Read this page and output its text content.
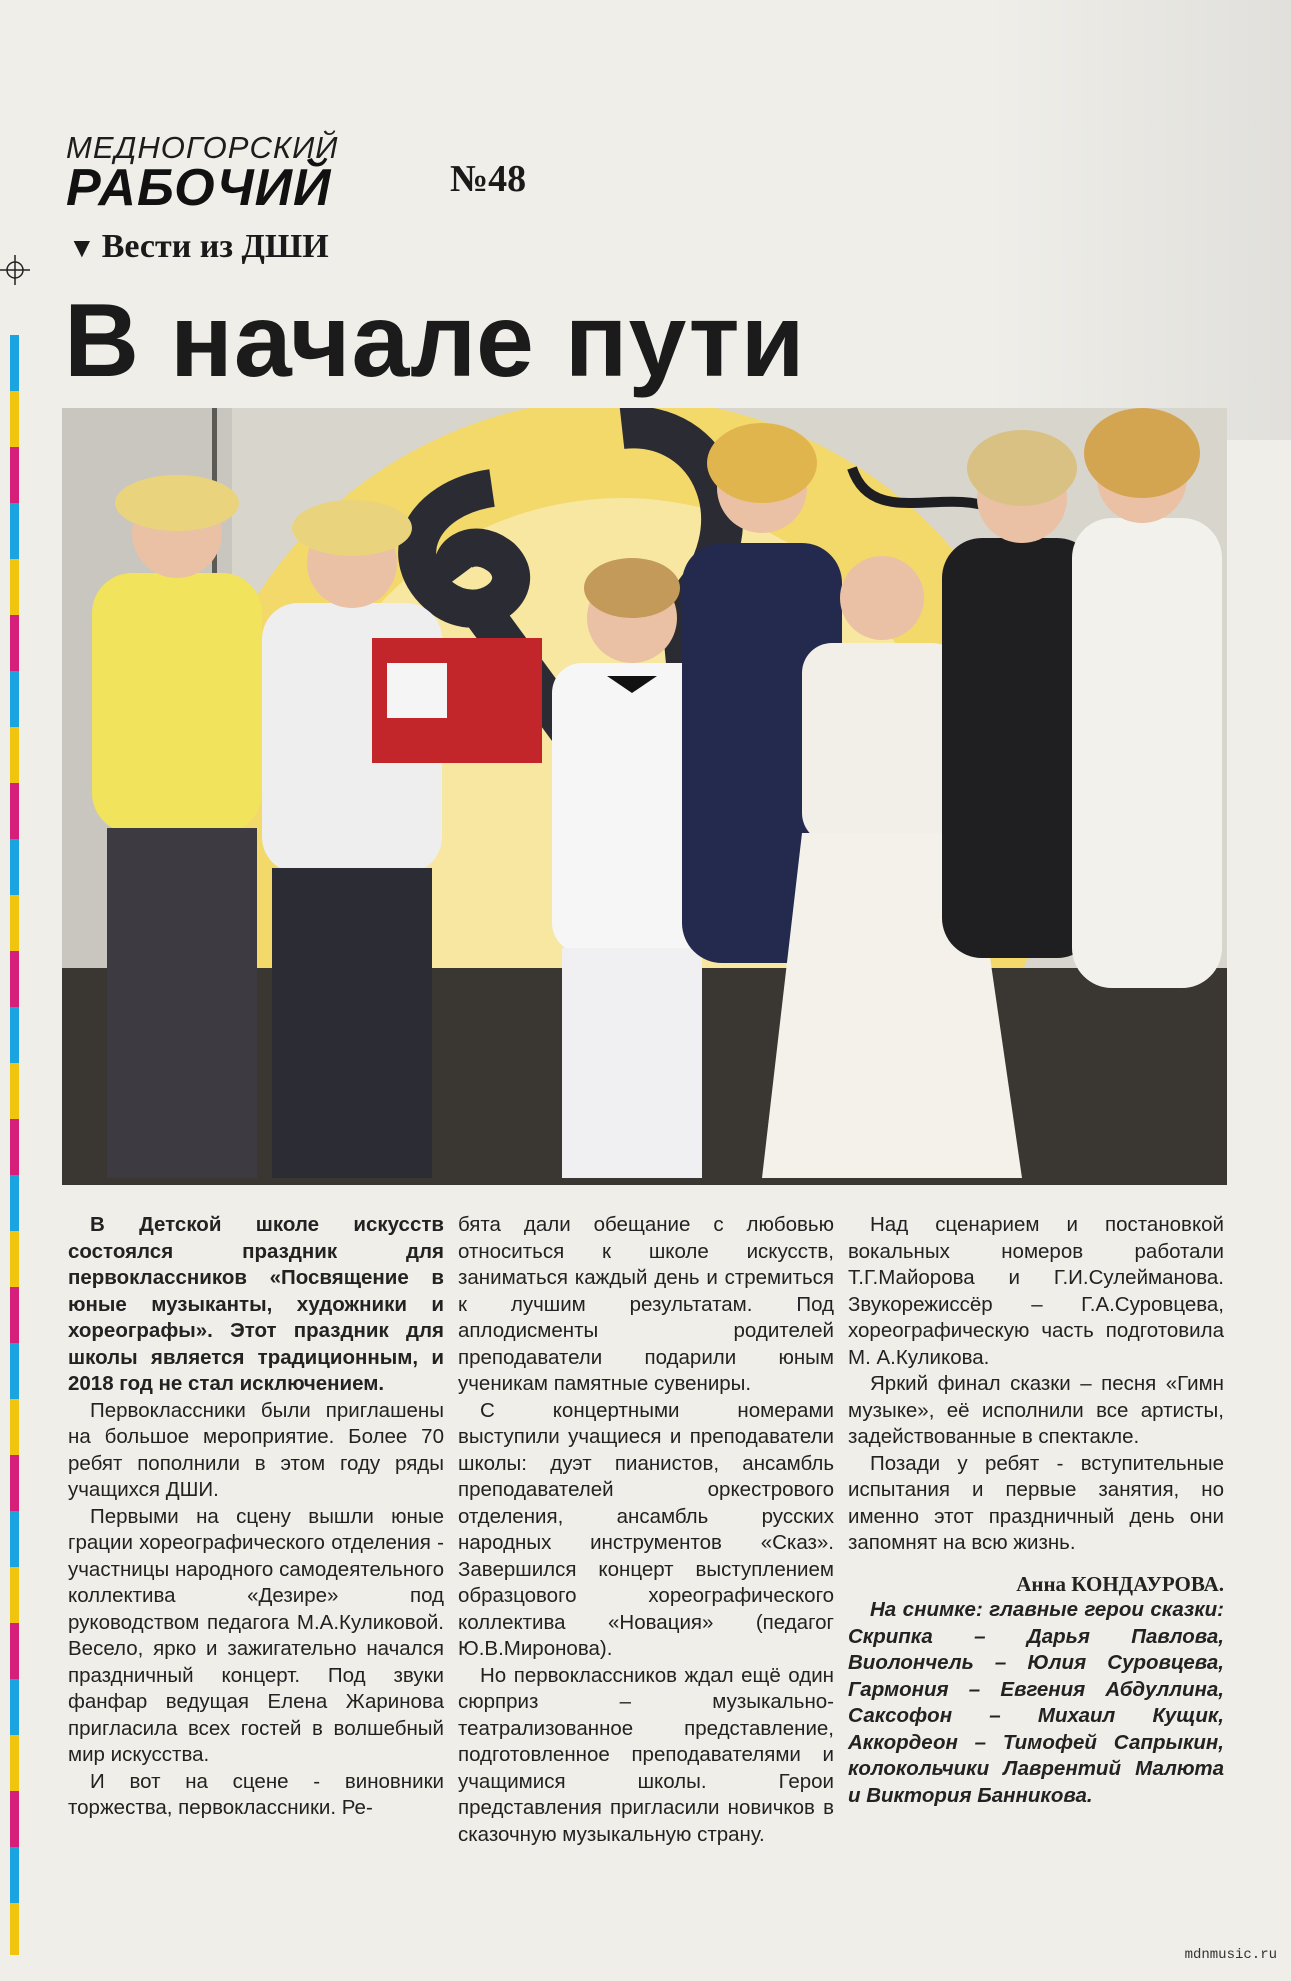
МЕДНОГОРСКИЙ
РАБОЧИЙ	№48
▼ Вести из ДШИ
В начале пути

В Детской школе искусств состоялся праздник для первоклассников «Посвящение в юные музыканты, художники и хореографы». Этот праздник для школы является традиционным, и 2018 год не стал исключением.

Первоклассники были приглашены на большое мероприятие. Более 70 ребят пополнили в этом году ряды учащихся ДШИ.

Первыми на сцену вышли юные грации хореографического отделения - участницы народного самодеятельного коллектива «Дезире» под руководством педагога М.А.Куликовой. Весело, ярко и зажигательно начался праздничный концерт. Под звуки фанфар ведущая Елена Жаринова пригласила всех гостей в волшебный мир искусства.

И вот на сцене - виновники торжества, первоклассники. Ре-

бята дали обещание с любовью относиться к школе искусств, заниматься каждый день и стремиться к лучшим результатам. Под аплодисменты родителей преподаватели подарили юным ученикам памятные сувениры.

С концертными номерами выступили учащиеся и преподаватели школы: дуэт пианистов, ансамбль преподавателей оркестрового отделения, ансамбль русских народных инструментов «Сказ». Завершился концерт выступлением образцового хореографического коллектива «Новация» (педагог Ю.В.Миронова).

Но первоклассников ждал ещё один сюрприз – музыкально-театрализованное представление, подготовленное преподавателями и учащимися школы. Герои представления пригласили новичков в сказочную музыкальную страну.

Над сценарием и постановкой вокальных номеров работали Т.Г.Майорова и Г.И.Сулейманова. Звукорежиссёр – Г.А.Суровцева, хореографическую часть подготовила М. А.Куликова.

Яркий финал сказки – песня «Гимн музыке», её исполнили все артисты, задействованные в спектакле.

Позади у ребят - вступительные испытания и первые занятия, но именно этот праздничный день они запомнят на всю жизнь.

Анна КОНДАУРОВА.

На снимке: главные герои сказки: Скрипка – Дарья Павлова, Виолончель – Юлия Суровцева, Гармония – Евгения Абдуллина, Саксофон – Михаил Кущик, Аккордеон – Тимофей Сапрыкин, колокольчики Лаврентий Малюта и Виктория Банникова.

mdnmusic.ru
